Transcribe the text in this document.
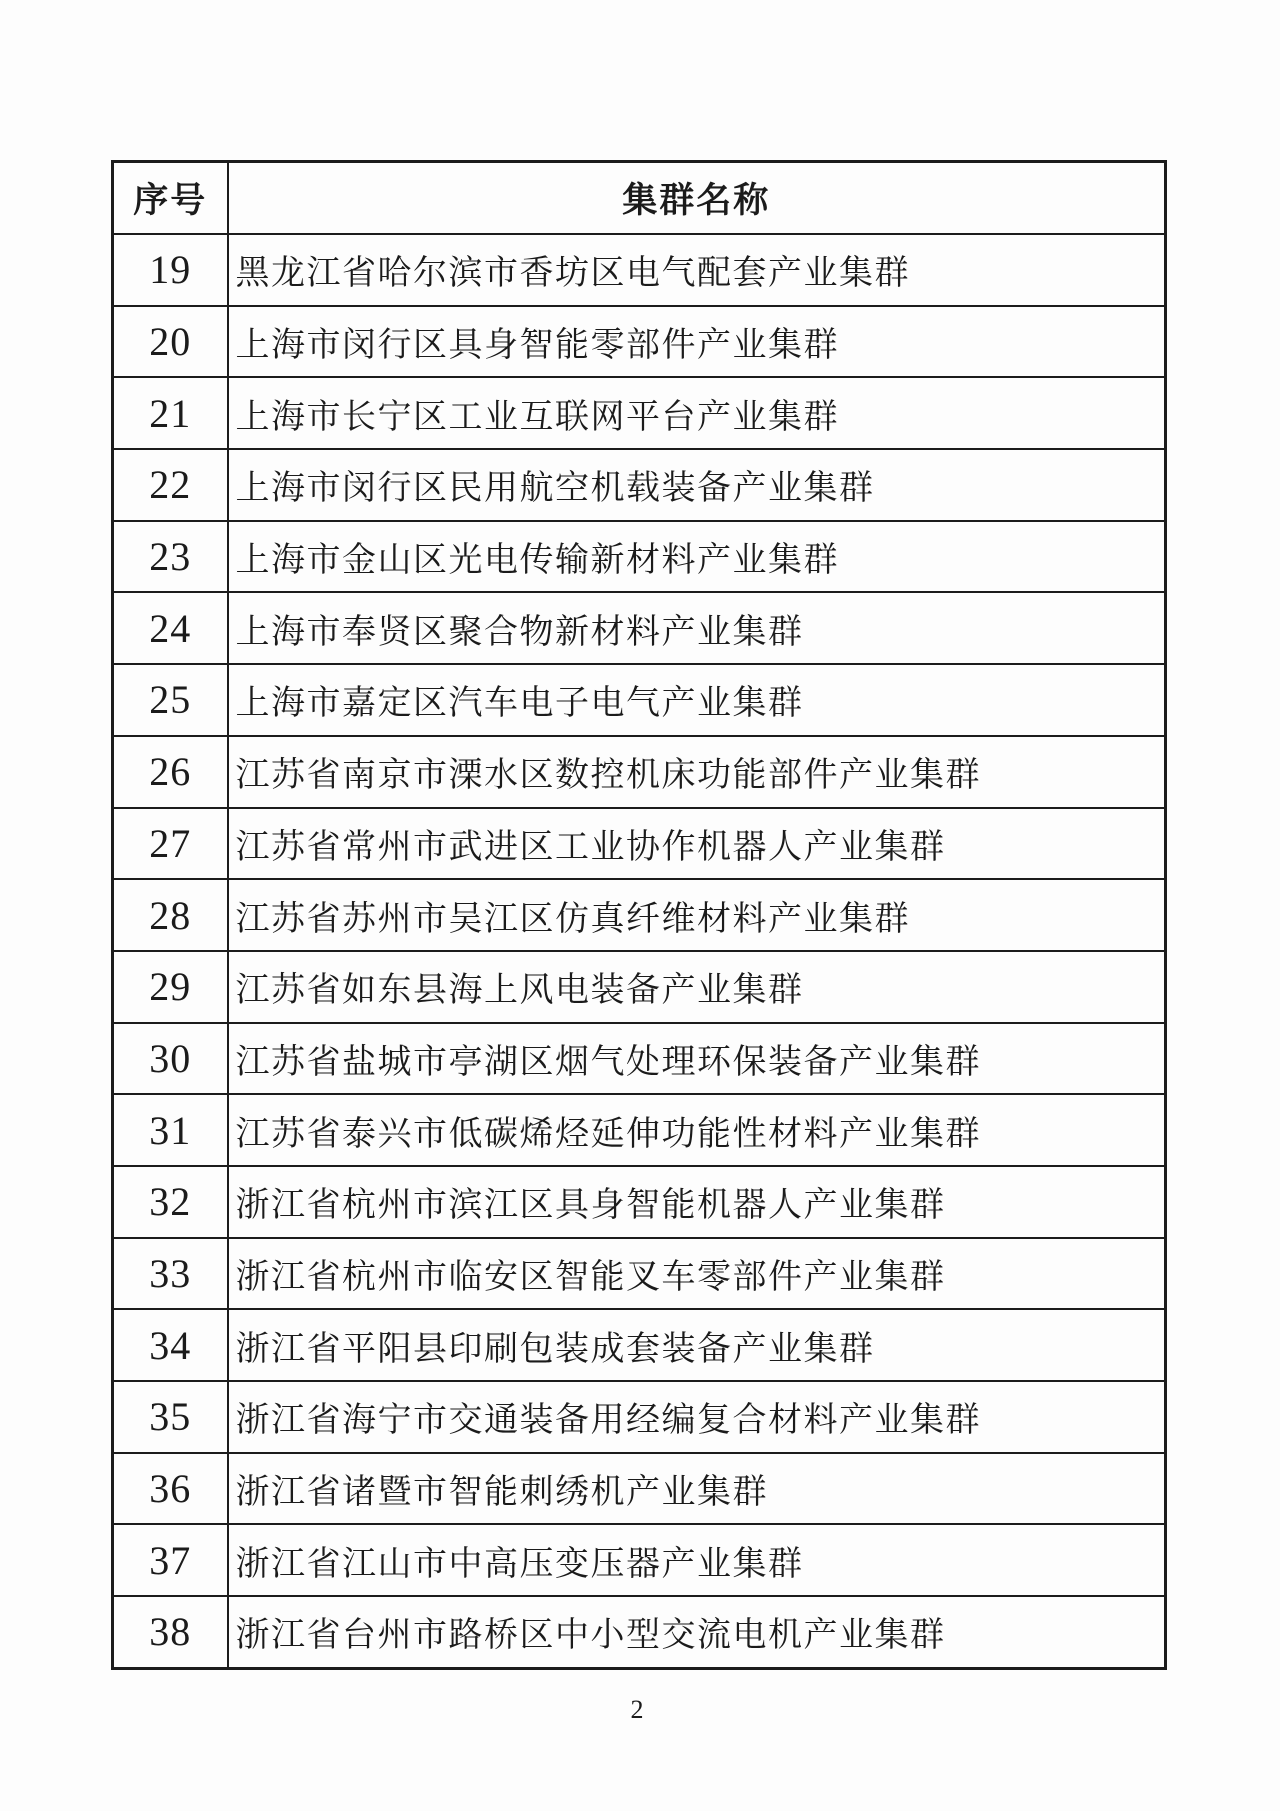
序号	集群名称
19	黑龙江省哈尔滨市香坊区电气配套产业集群
20	上海市闵行区具身智能零部件产业集群
21	上海市长宁区工业互联网平台产业集群
22	上海市闵行区民用航空机载装备产业集群
23	上海市金山区光电传输新材料产业集群
24	上海市奉贤区聚合物新材料产业集群
25	上海市嘉定区汽车电子电气产业集群
26	江苏省南京市溧水区数控机床功能部件产业集群
27	江苏省常州市武进区工业协作机器人产业集群
28	江苏省苏州市吴江区仿真纤维材料产业集群
29	江苏省如东县海上风电装备产业集群
30	江苏省盐城市亭湖区烟气处理环保装备产业集群
31	江苏省泰兴市低碳烯烃延伸功能性材料产业集群
32	浙江省杭州市滨江区具身智能机器人产业集群
33	浙江省杭州市临安区智能叉车零部件产业集群
34	浙江省平阳县印刷包装成套装备产业集群
35	浙江省海宁市交通装备用经编复合材料产业集群
36	浙江省诸暨市智能刺绣机产业集群
37	浙江省江山市中高压变压器产业集群
38	浙江省台州市路桥区中小型交流电机产业集群
2
